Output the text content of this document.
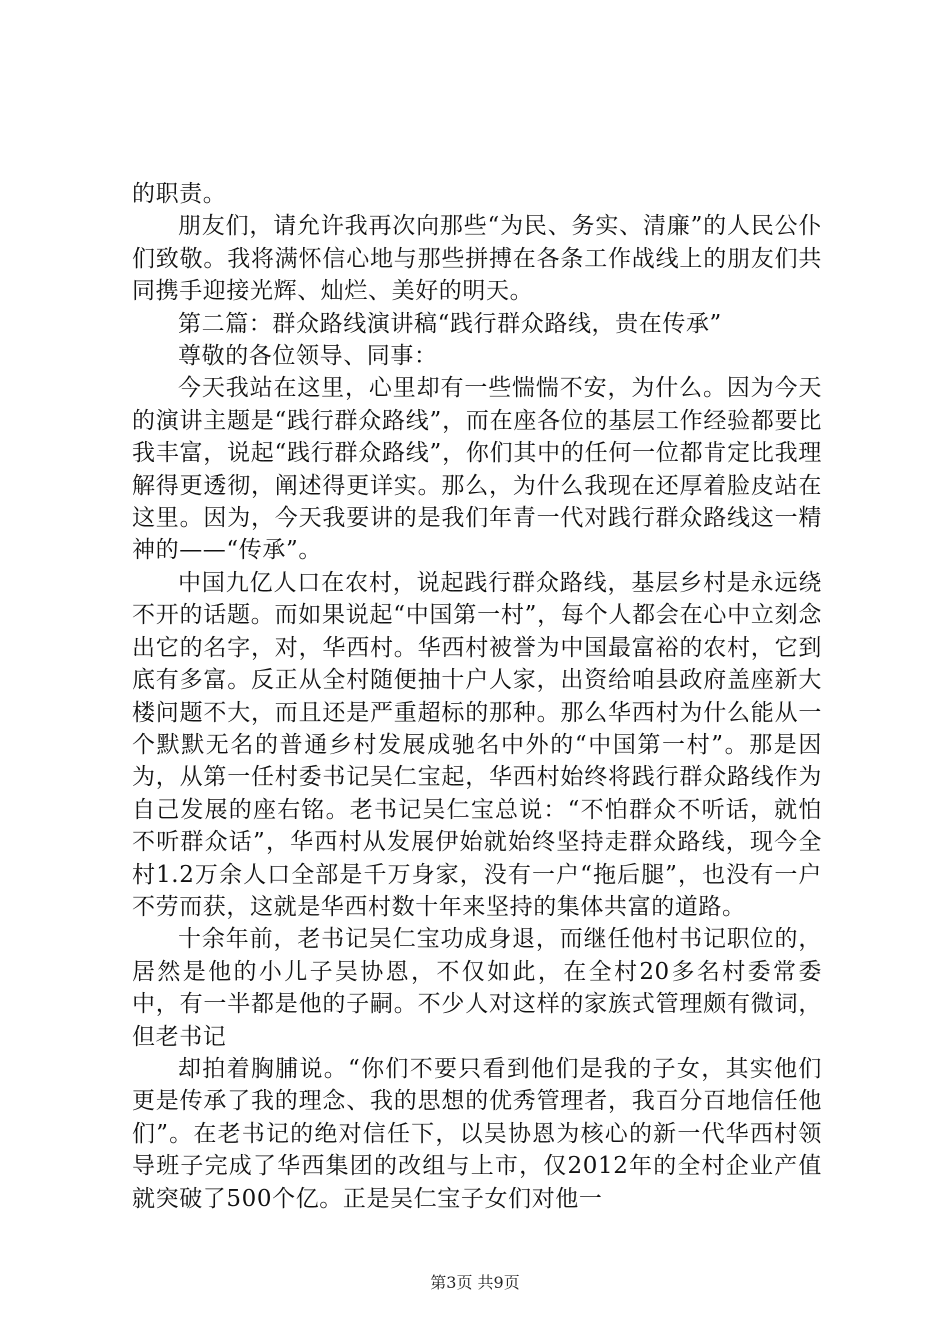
的职责。

朋友们，请允许我再次向那些“为民、务实、清廉”的人民公仆们致敬。我将满怀信心地与那些拼搏在各条工作战线上的朋友们共同携手迎接光辉、灿烂、美好的明天。

第二篇：群众路线演讲稿“践行群众路线，贵在传承”

尊敬的各位领导、同事：

今天我站在这里，心里却有一些惴惴不安，为什么。因为今天的演讲主题是“践行群众路线”，而在座各位的基层工作经验都要比我丰富，说起“践行群众路线”，你们其中的任何一位都肯定比我理解得更透彻，阐述得更详实。那么，为什么我现在还厚着脸皮站在这里。因为，今天我要讲的是我们年青一代对践行群众路线这一精神的——“传承”。

中国九亿人口在农村，说起践行群众路线，基层乡村是永远绕不开的话题。而如果说起“中国第一村”，每个人都会在心中立刻念出它的名字，对，华西村。华西村被誉为中国最富裕的农村，它到底有多富。反正从全村随便抽十户人家，出资给咱县政府盖座新大楼问题不大，而且还是严重超标的那种。那么华西村为什么能从一个默默无名的普通乡村发展成驰名中外的“中国第一村”。那是因为，从第一任村委书记吴仁宝起，华西村始终将践行群众路线作为自己发展的座右铭。老书记吴仁宝总说：“不怕群众不听话，就怕不听群众话”，华西村从发展伊始就始终坚持走群众路线，现今全村1.2万余人口全部是千万身家，没有一户“拖后腿”，也没有一户不劳而获，这就是华西村数十年来坚持的集体共富的道路。

十余年前，老书记吴仁宝功成身退，而继任他村书记职位的，居然是他的小儿子吴协恩，不仅如此，在全村20多名村委常委中，有一半都是他的子嗣。不少人对这样的家族式管理颇有微词，但老书记

却拍着胸脯说。“你们不要只看到他们是我的子女，其实他们更是传承了我的理念、我的思想的优秀管理者，我百分百地信任他们”。在老书记的绝对信任下，以吴协恩为核心的新一代华西村领导班子完成了华西集团的改组与上市，仅2012年的全村企业产值就突破了500个亿。正是吴仁宝子女们对他一

第3页 共9页
